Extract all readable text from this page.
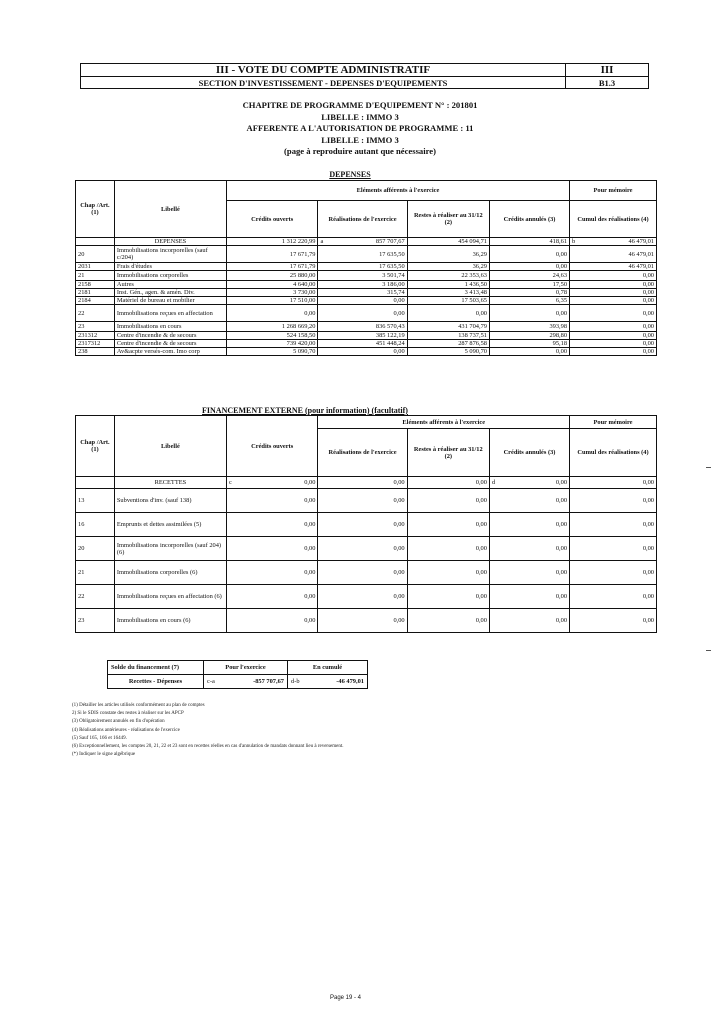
III - VOTE DU COMPTE ADMINISTRATIF
SECTION D'INVESTISSEMENT - DEPENSES D'EQUIPEMENTS
III
B1.3
CHAPITRE DE PROGRAMME D'EQUIPEMENT N° : 201801
LIBELLE : IMMO 3
AFFERENTE A L'AUTORISATION DE PROGRAMME : 11
LIBELLE : IMMO 3
(page à reproduire autant que nécessaire)
DEPENSES
Chap /Art. (1)	Libellé	Eléments afférents à l'exercice				Pour mémoire
		Crédits ouverts	Réalisations de l'exercice	Restes à réaliser au 31/12 (2)	Crédits annulés (3)	Cumul des réalisations (4)
	DEPENSES	1 312 220,99	a 857 707,67	454 094,71	418,61	b 46 479,01

20	Immobilisations incorporelles (sauf c/204)	17 671,79	17 635,50	36,29	0,00	46 479,01
2031	Frais d'études	17 671,79	17 635,50	36,29	0,00	46 479,01
21	Immobilisations corporelles	25 880,00	3 501,74	22 353,63	24,63	0,00
2158	Autres	4 640,00	3 186,00	1 436,50	17,50	0,00
2181	Inst. Gén., agen. & amén. Div.	3 730,00	315,74	3 413,48	0,78	0,00
2184	Matériel de bureau et mobilier	17 510,00	0,00	17 503,65	6,35	0,00
22	Immobilisations reçues en affectation	0,00	0,00	0,00	0,00	0,00
23	Immobilisations en cours	1 268 669,20	836 570,43	431 704,79	393,98	0,00
231312	Centre d'incendie & de secours	524 158,50	385 122,19	138 737,51	298,80	0,00
2317312	Centre d'incendie & de secours	739 420,00	451 448,24	287 876,58	95,18	0,00
238	Av&acpte versés-com. Imo corp	5 090,70	0,00	5 090,70	0,00	0,00
FINANCEMENT EXTERNE (pour information) (facultatif)
Chap /Art. (1)	Libellé	Crédits ouverts	Eléments afférents à l'exercice			Pour mémoire
			Réalisations de l'exercice	Restes à réaliser au 31/12 (2)	Crédits annulés (3)	Cumul des réalisations (4)
	RECETTES	c 0,00	0,00	0,00	d 0,00	0,00
13	Subventions d'inv. (sauf 138)	0,00	0,00	0,00	0,00	0,00
16	Emprunts et dettes assimilées (5)	0,00	0,00	0,00	0,00	0,00
20	Immobilisations incorporelles (sauf 204) (6)	0,00	0,00	0,00	0,00	0,00
21	Immobilisations corporelles (6)	0,00	0,00	0,00	0,00	0,00
22	Immobilisations reçues en affectation (6)	0,00	0,00	0,00	0,00	0,00
23	Immobilisations en cours (6)	0,00	0,00	0,00	0,00	0,00
Solde du financement (7)	Pour l'exercice	En cumulé
Recettes - Dépenses	c-a -857 707,67	d-b -46 479,01
(1) Détailler les articles utilisés conformément au plan de comptes
2) Si le SDIS constate des restes à réaliser sur les APCP
(3) Obligatoirement annulés en fin d'opération
(4) Réalisations antérieures - réalisations de l'exercice
(5) Sauf 165, 166 et 16449.
(6) Exceptionnellement, les comptes 20, 21, 22 et 23 sont en recettes réelles en cas d'annulation de mandats donnant lieu à reversement.
(*) Indiquer le signe algébrique
Page 19 - 4
